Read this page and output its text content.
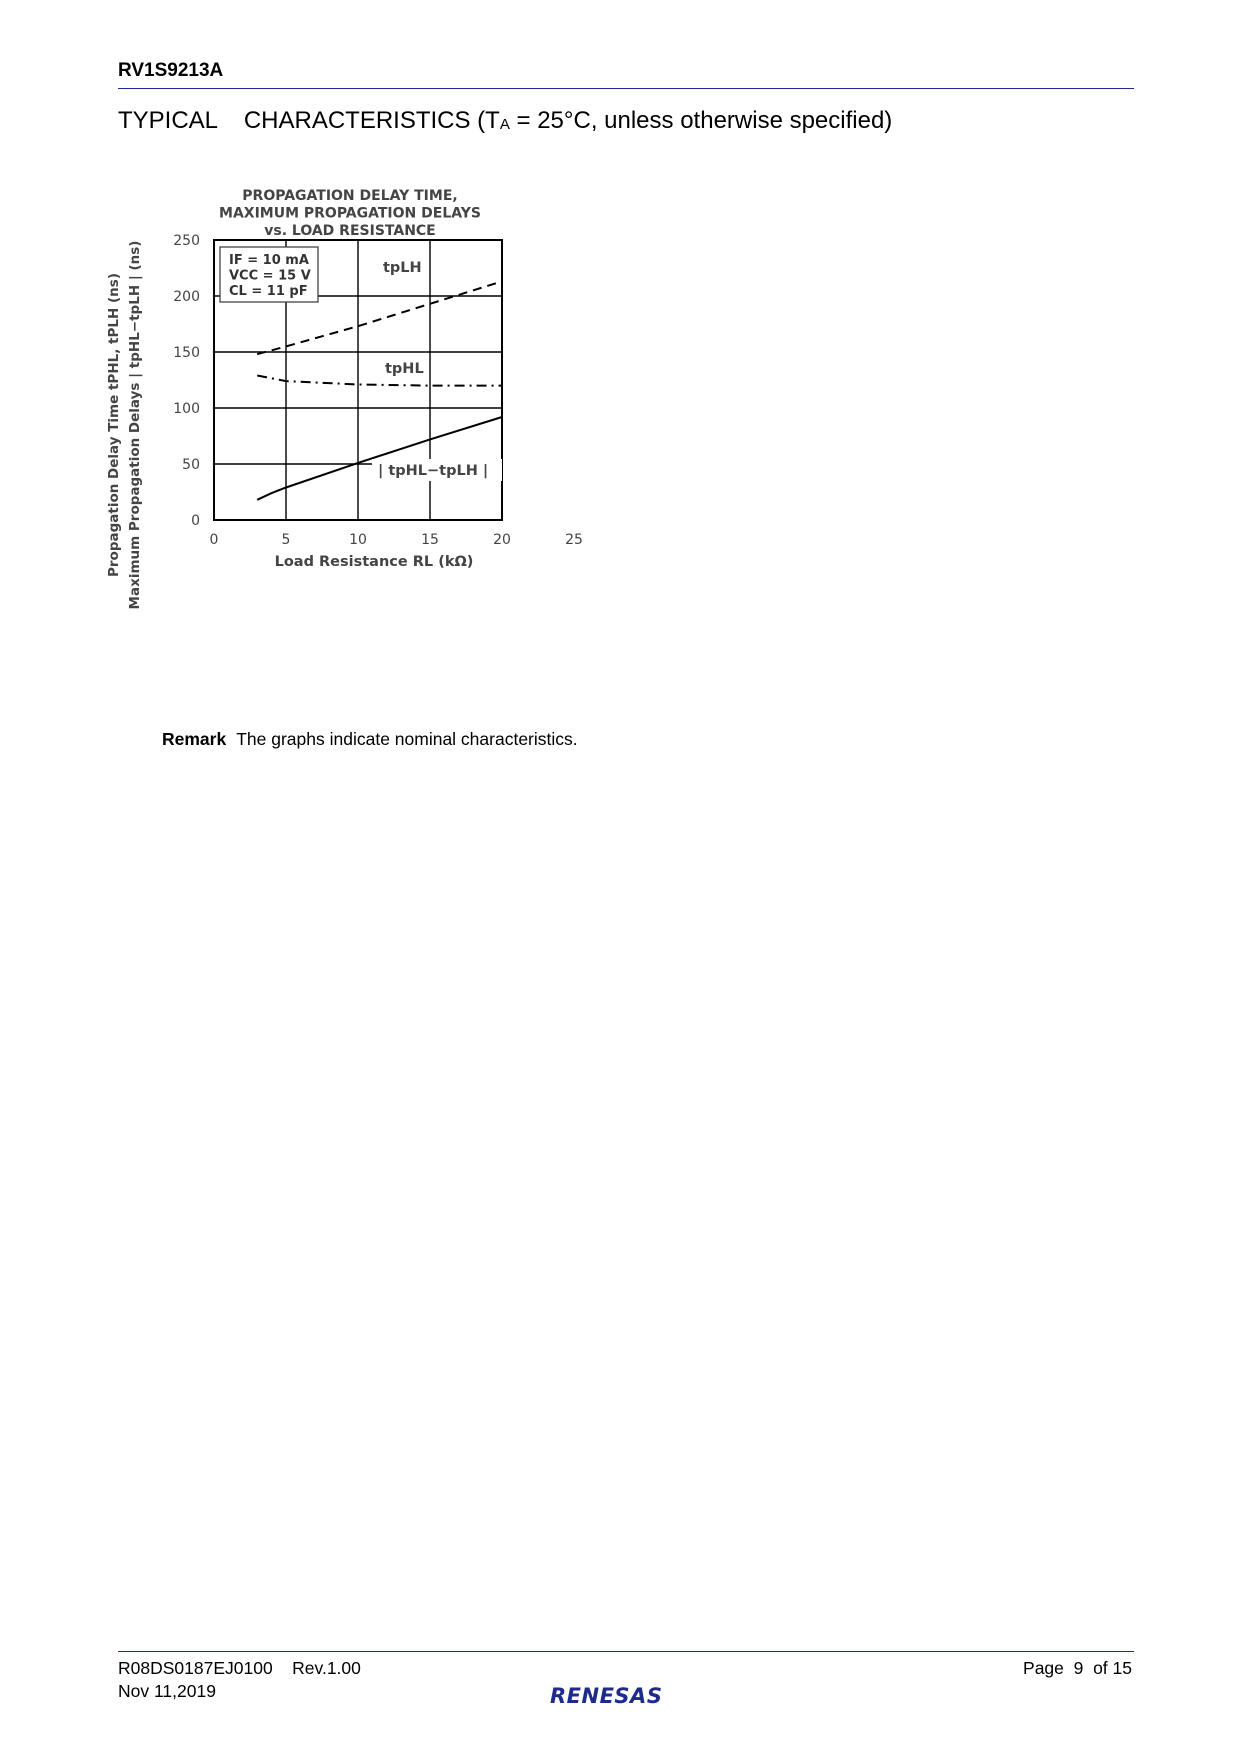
RV1S9213A
TYPICAL    CHARACTERISTICS ($T_A = 25^\circ C$, unless otherwise specified)
PROPAGATION DELAY TIME,
MAXIMUM PROPAGATION DELAYS
vs. LOAD RESISTANCE
Propagation Delay Time tPHL, tPLH (ns) Maximum Propagation Delays | tpHL−tpLH | (ns)	0	5	10	15	20	25
0
50
100
150
200
250
tpLH
tpHL
| tpHL−tpLH |
IF = 10 mA
VCC = 15 V
CL = 11 pF
Load Resistance RL (kΩ)
Remark The graphs indicate nominal characteristics.
R08DS0187EJ0100    Rev.1.00
Nov 11,2019
Page  9  of 15
RENESAS
